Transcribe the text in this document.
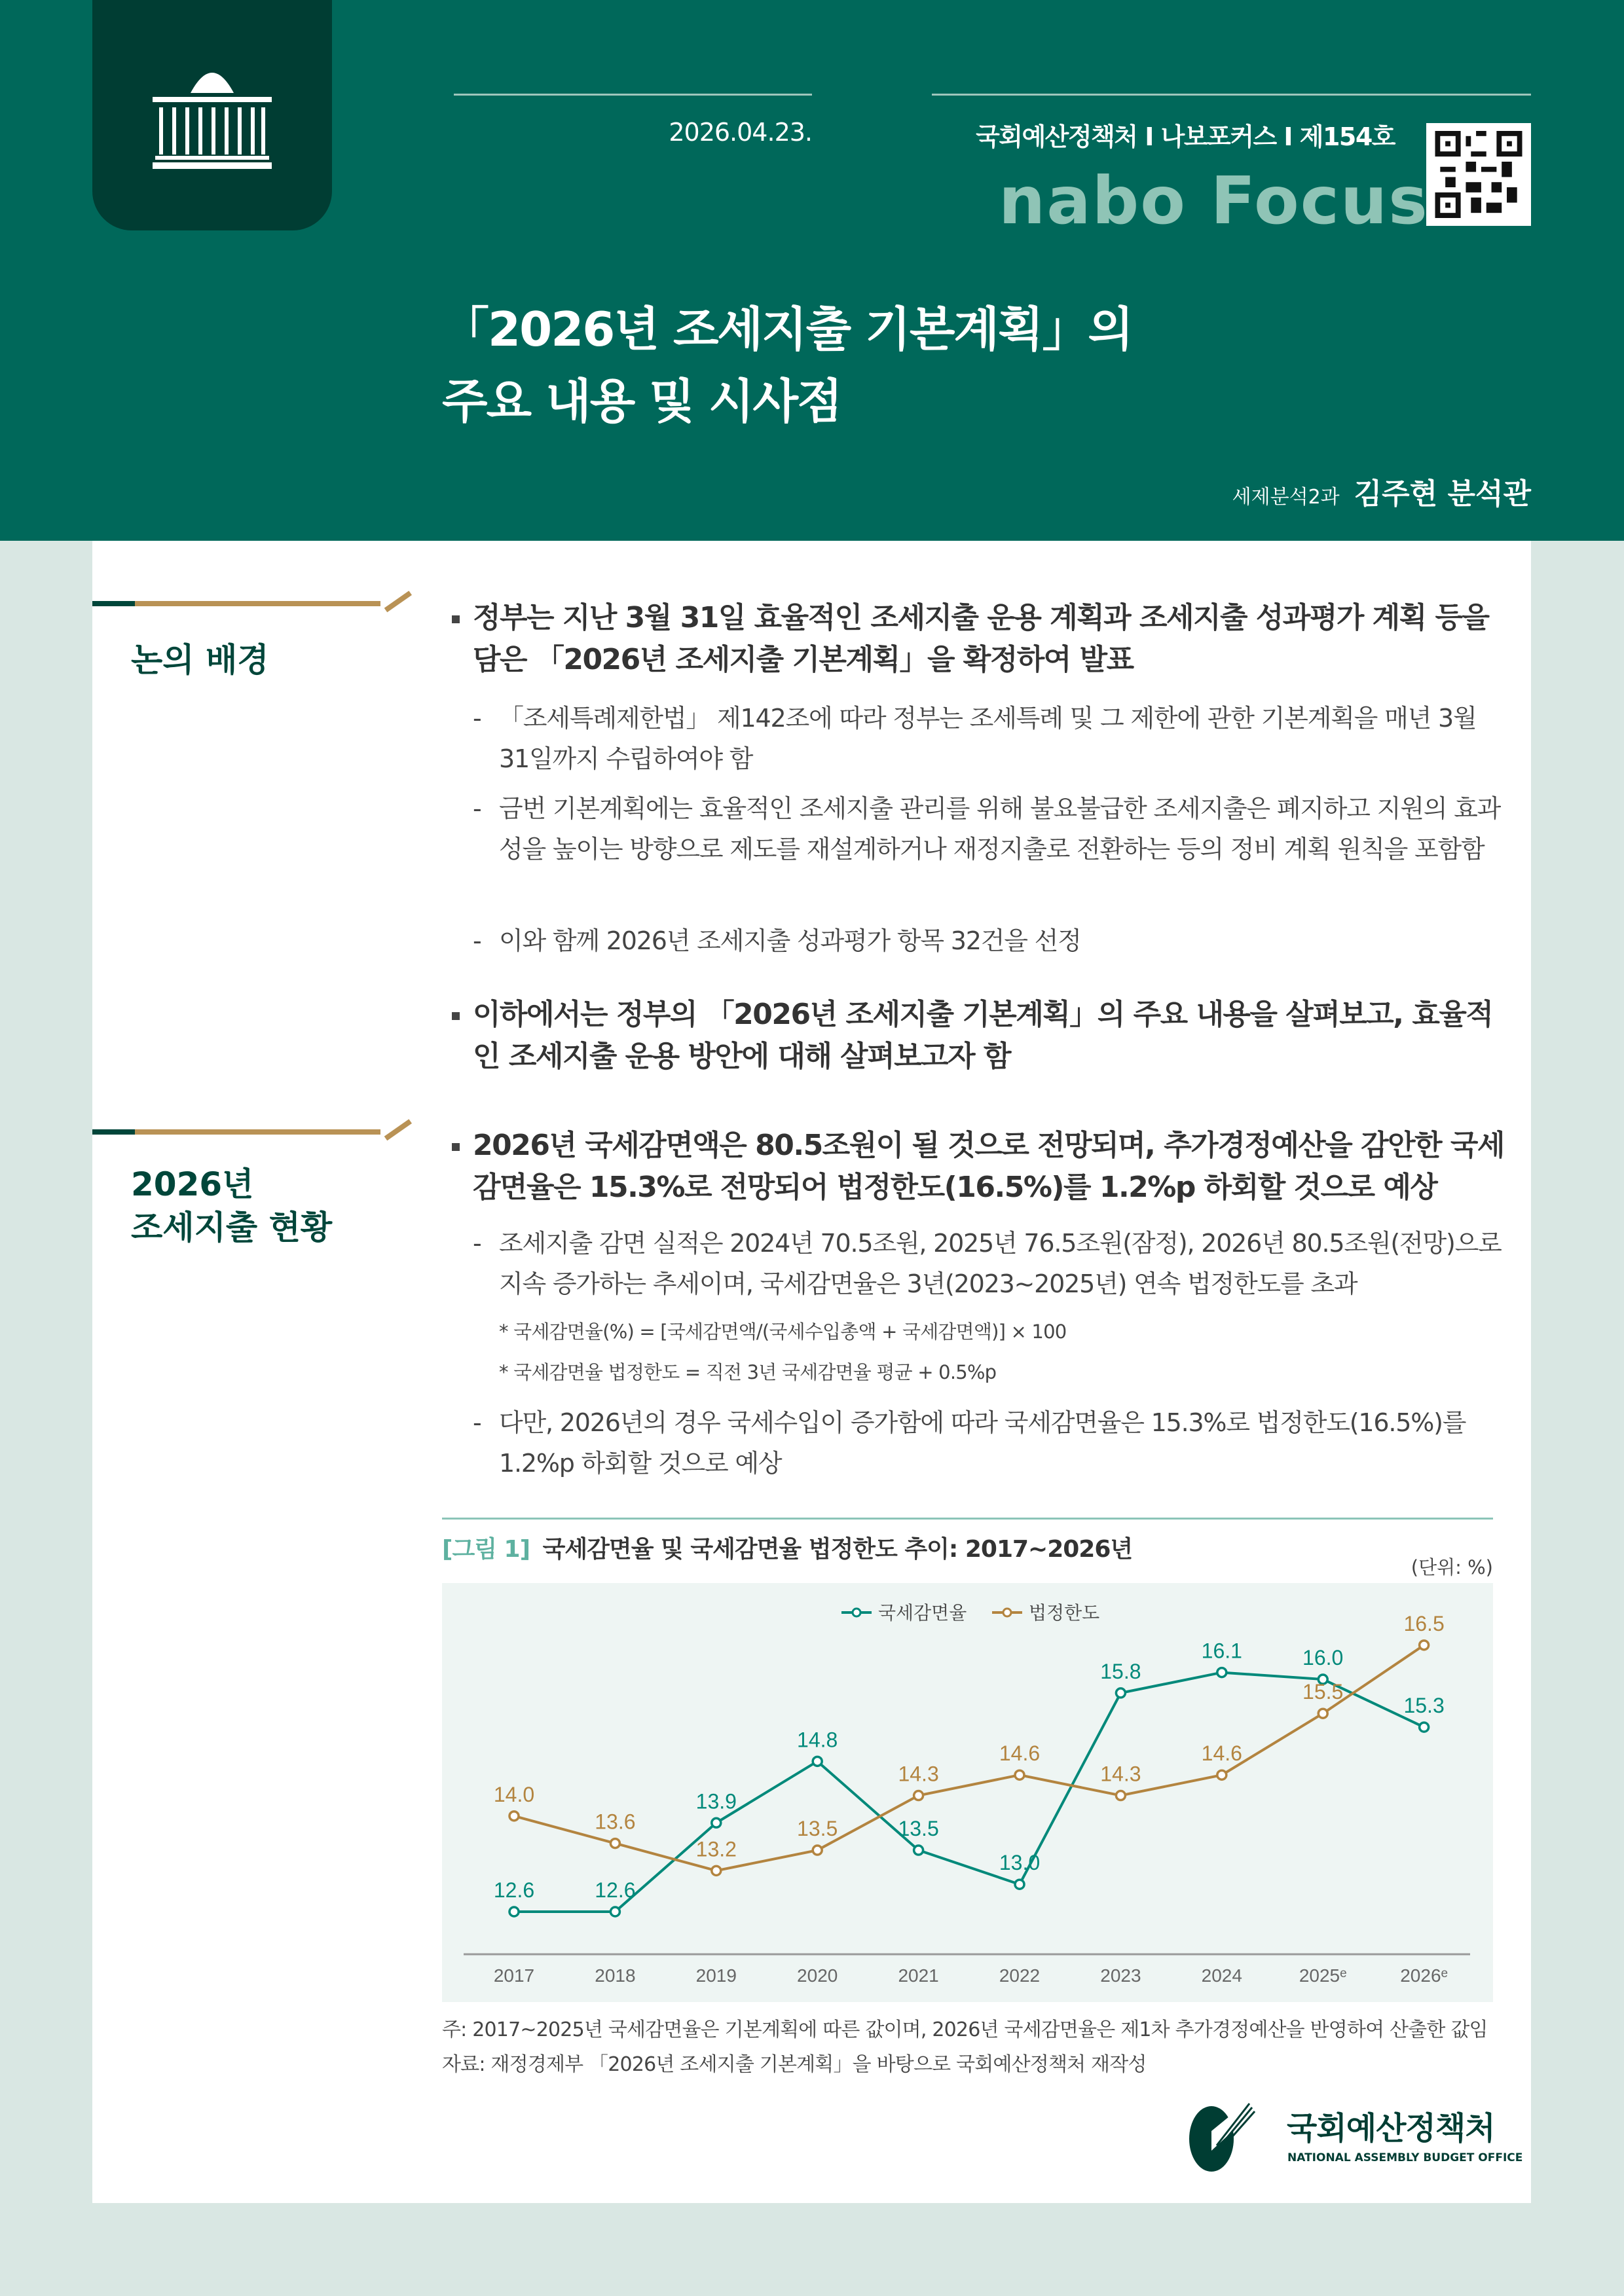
2026.04.23.	국회예산정책처 I 나보포커스 I 제154호
nabo Focus
「2026년 조세지출 기본계획」의
주요 내용 및 시사점
세제분석2과 김주현 분석관
논의 배경
정부는 지난 3월 31일 효율적인 조세지출 운용 계획과 조세지출 성과평가 계획 등을 담은 「2026년 조세지출 기본계획」을 확정하여 발표
- 「조세특례제한법」 제142조에 따라 정부는 조세특례 및 그 제한에 관한 기본계획을 매년 3월 31일까지 수립하여야 함
- 금번 기본계획에는 효율적인 조세지출 관리를 위해 불요불급한 조세지출은 폐지하고 지원의 효과성을 높이는 방향으로 제도를 재설계하거나 재정지출로 전환하는 등의 정비 계획 원칙을 포함함
- 이와 함께 2026년 조세지출 성과평가 항목 32건을 선정
이하에서는 정부의 「2026년 조세지출 기본계획」의 주요 내용을 살펴보고, 효율적인 조세지출 운용 방안에 대해 살펴보고자 함
2026년
조세지출 현황
2026년 국세감면액은 80.5조원이 될 것으로 전망되며, 추가경정예산을 감안한 국세감면율은 15.3%로 전망되어 법정한도(16.5%)를 1.2%p 하회할 것으로 예상
- 조세지출 감면 실적은 2024년 70.5조원, 2025년 76.5조원(잠정), 2026년 80.5조원(전망)으로 지속 증가하는 추세이며, 국세감면율은 3년(2023~2025년) 연속 법정한도를 초과
* 국세감면율(%) = [국세감면액/(국세수입총액 + 국세감면액)] × 100
* 국세감면율 법정한도 = 직전 3년 국세감면율 평균 + 0.5%p
- 다만, 2026년의 경우 국세수입이 증가함에 따라 국세감면율은 15.3%로 법정한도(16.5%)를 1.2%p 하회할 것으로 예상
[그림 1] 국세감면율 및 국세감면율 법정한도 추이: 2017~2026년
(단위: %)
2017	2018	2019	2020	2021	2022	2023	2024	2025ᵉ	2026ᵉ
국세감면율	법정한도
12.6	12.6
13.9
14.8
13.5
13.0
15.8
16.1	16.0
15.3
14.0
13.6
13.2
13.5
14.3
14.6
14.3
14.6
15.5
16.5
주: 2017~2025년 국세감면율은 기본계획에 따른 값이며, 2026년 국세감면율은 제1차 추가경정예산을 반영하여 산출한 값임
자료: 재정경제부 「2026년 조세지출 기본계획」을 바탕으로 국회예산정책처 재작성
국회예산정책처
NATIONAL ASSEMBLY BUDGET OFFICE
